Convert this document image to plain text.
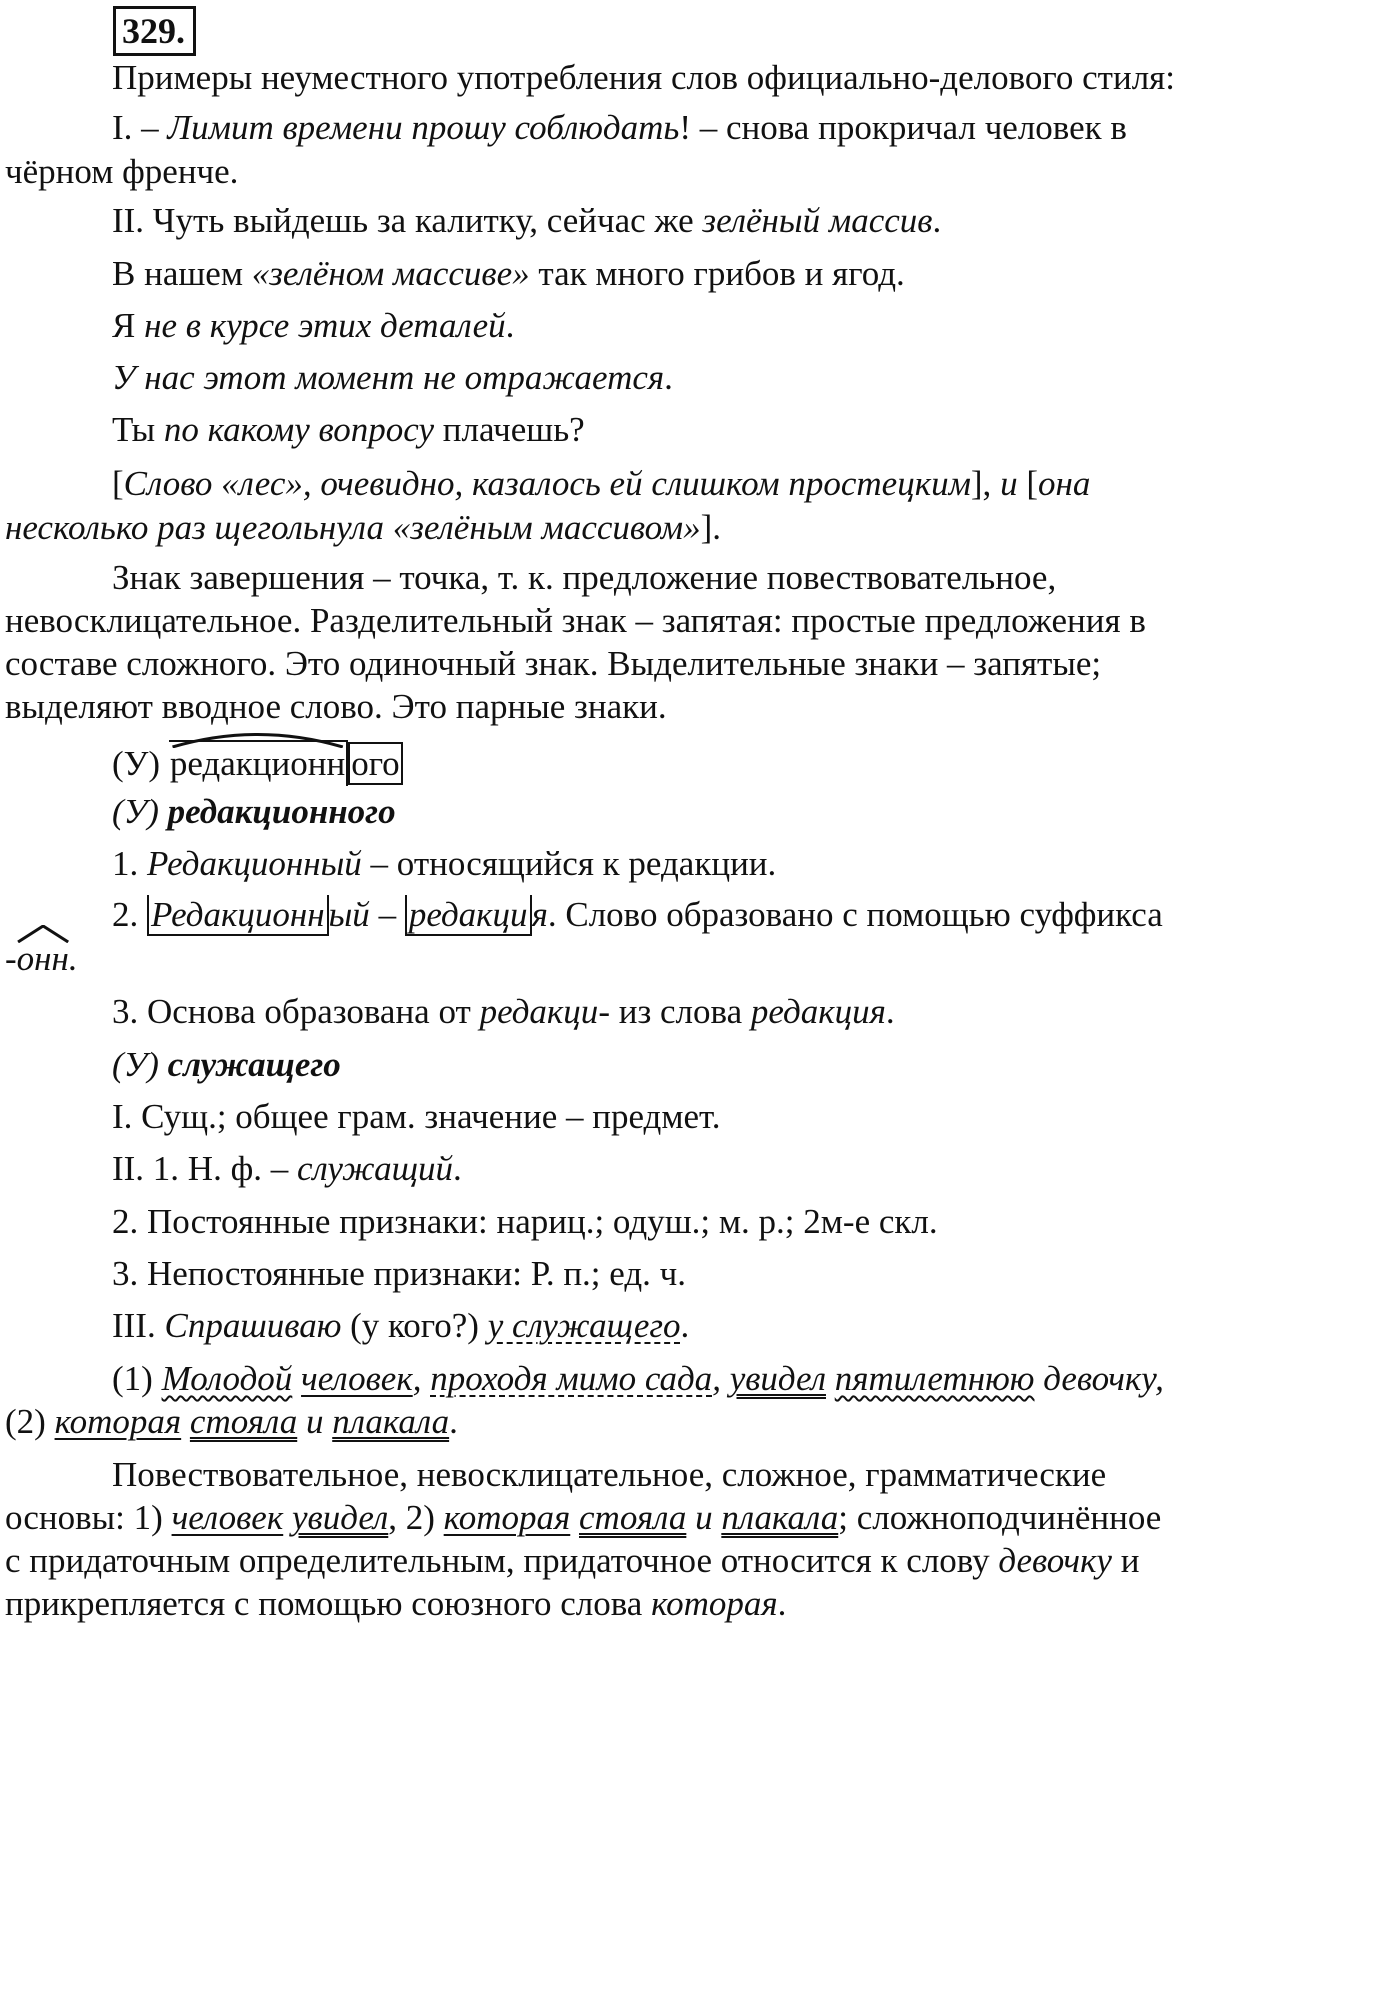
329.
Примеры неуместного употребления слов официально-делового стиля:
I. – Лимит времени прошу соблюдать! – снова прокричал человек в
чёрном френче.
II. Чуть выйдешь за калитку, сейчас же зелёный массив.
В нашем «зелёном массиве» так много грибов и ягод.
Я не в курсе этих деталей.
У нас этот момент не отражается.
Ты по какому вопросу плачешь?
[Слово «лес», очевидно, казалось ей слишком простецким], и [она
несколько раз щегольнула «зелёным массивом»].
Знак завершения – точка, т. к. предложение повествовательное,
невосклицательное. Разделительный знак – запятая: простые предложения в
составе сложного. Это одиночный знак. Выделительные знаки – запятые;
выделяют вводное слово. Это парные знаки.
(У)
редакционн ого
(У) редакционного
1. Редакционный – относящийся к редакции.
2. Редакционн ый – редакци я. Слово образовано с помощью суффикса
-
онн.
3. Основа образована от редакци- из слова редакция.
(У) служащего
I. Сущ.; общее грам. значение – предмет.
II. 1. Н. ф. – служащий.
2. Постоянные признаки: нариц.; одуш.; м. р.; 2м-е скл.
3. Непостоянные признаки: Р. п.; ед. ч.
III. Спрашиваю (у кого?) у служащего.
(1) Молодой человек, проходя мимо сада, увидел пятилетнюю девочку,
(2) которая стояла и плакала.
Повествовательное, невосклицательное, сложное, грамматические
основы: 1) человек увидел, 2) которая стояла и плакала; сложноподчинённое
с придаточным определительным, придаточное относится к слову девочку и
прикрепляется с помощью союзного слова которая.
